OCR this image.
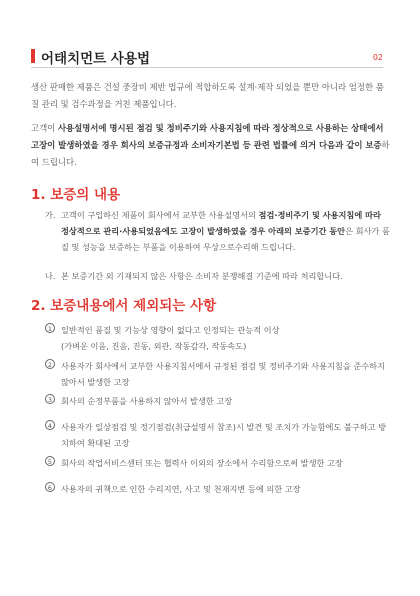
어태치먼트 사용법	02
생산 판매한 제품은 건설 중장비 제반 법규에 적합하도록 설계·제작 되었을 뿐만 아니라 엄정한 품질 관리 및 검수과정을 거친 제품입니다.
고객이 사용설명서에 명시된 점검 및 정비주기와 사용지침에 따라 정상적으로 사용하는 상태에서 고장이 발생하였을 경우 회사의 보증규정과 소비자기본법 등 관련 법률에 의거 다음과 같이 보증하여 드립니다.
1. 보증의 내용
가. 고객이 구입하신 제품이 회사에서 교부한 사용설명서의 점검·정비주기 및 사용지침에 따라 정상적으로 관리·사용되었음에도 고장이 발생하였을 경우 아래의 보증기간 동안은 회사가 품질 및 성능을 보증하는 부품을 이용하여 무상으로수리해 드립니다.
나. 본 보증기간 외 기재되지 않은 사항은 소비자 분쟁해결 기준에 따라 처리합니다.
2. 보증내용에서 제외되는 사항
1	일반적인 품질 및 기능상 영향이 없다고 인정되는 관능적 이상
(가벼운 이음, 진음, 진동, 외관, 작동감각, 작동속도)
2	사용자가 회사에서 교부한 사용지침서에서 규정된 점검 및 정비주기와 사용지침을 준수하지 않아서 발생한 고장
3	회사의 순정부품을 사용하지 않아서 발생한 고장
4	사용자가 일상점검 및 정기점검(취급설명서 참조)시 발견 및 조치가 가능함에도 불구하고 방치하여 확대된 고장
5	회사의 작업서비스센터 또는 협력사 이외의 장소에서 수리함으로써 발생한 고장
6	사용자의 귀책으로 인한 수리지연, 사고 및 천재지변 등에 의한 고장
